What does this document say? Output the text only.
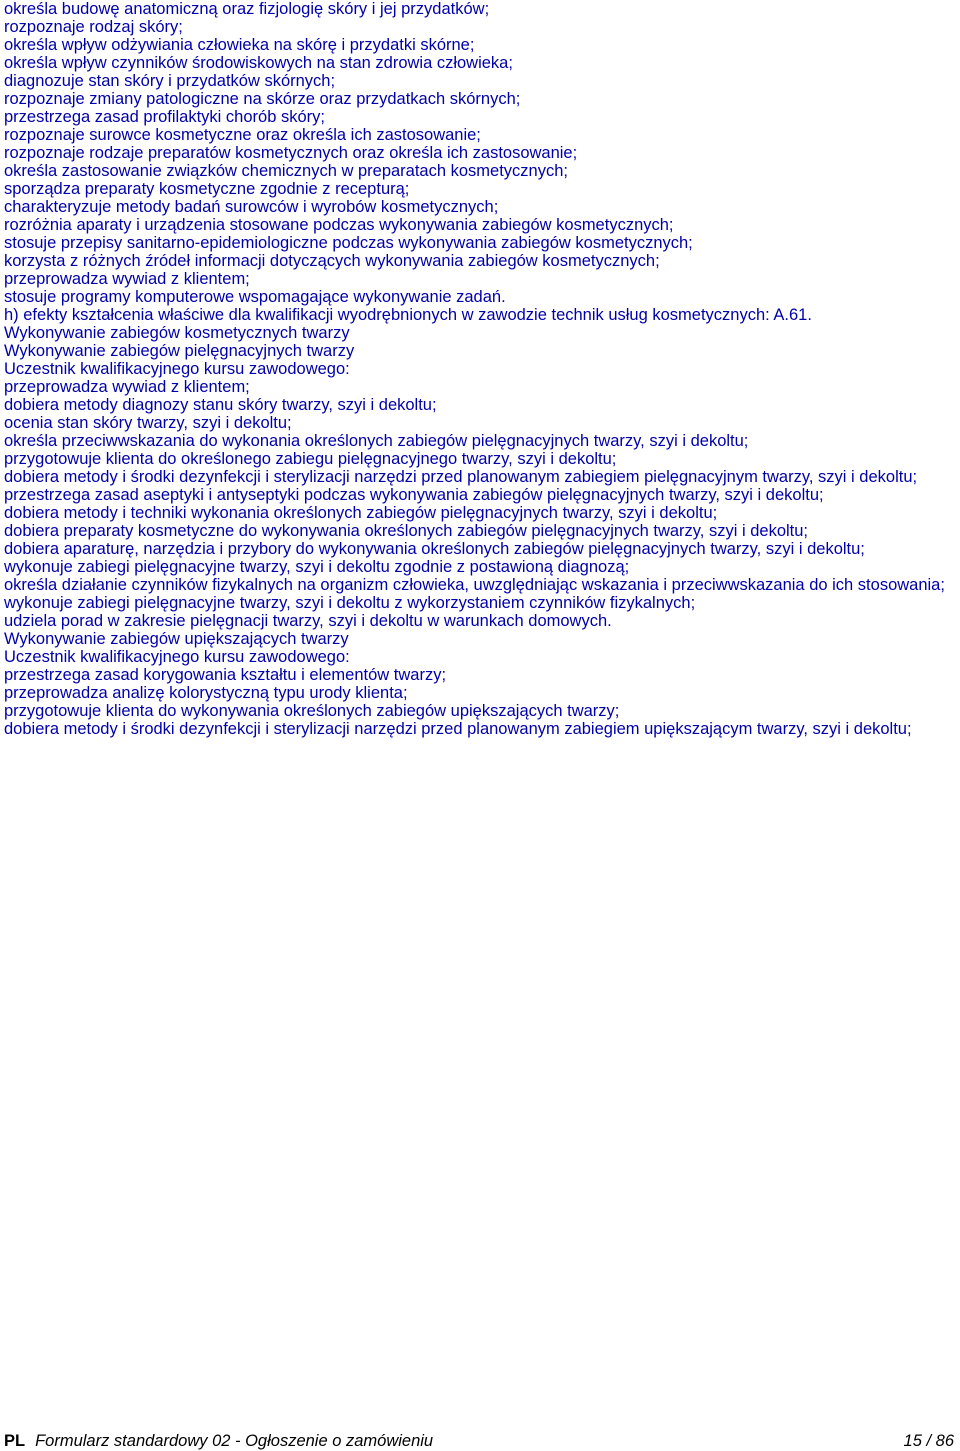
określa budowę anatomiczną oraz fizjologię skóry i jej przydatków;

rozpoznaje rodzaj skóry;

określa wpływ odżywiania człowieka na skórę i przydatki skórne;

określa wpływ czynników środowiskowych na stan zdrowia człowieka;

diagnozuje stan skóry i przydatków skórnych;

rozpoznaje zmiany patologiczne na skórze oraz przydatkach skórnych;

przestrzega zasad profilaktyki chorób skóry;

rozpoznaje surowce kosmetyczne oraz określa ich zastosowanie;

rozpoznaje rodzaje preparatów kosmetycznych oraz określa ich zastosowanie;

określa zastosowanie związków chemicznych w preparatach kosmetycznych;

sporządza preparaty kosmetyczne zgodnie z recepturą;

charakteryzuje metody badań surowców i wyrobów kosmetycznych;

rozróżnia aparaty i urządzenia stosowane podczas wykonywania zabiegów kosmetycznych;

stosuje przepisy sanitarno-epidemiologiczne podczas wykonywania zabiegów kosmetycznych;

korzysta z różnych źródeł informacji dotyczących wykonywania zabiegów kosmetycznych;

przeprowadza wywiad z klientem;

stosuje programy komputerowe wspomagające wykonywanie zadań.

h) efekty kształcenia właściwe dla kwalifikacji wyodrębnionych w zawodzie technik usług kosmetycznych: A.61.

Wykonywanie zabiegów kosmetycznych twarzy

Wykonywanie zabiegów pielęgnacyjnych twarzy

Uczestnik kwalifikacyjnego kursu zawodowego:

przeprowadza wywiad z klientem;

dobiera metody diagnozy stanu skóry twarzy, szyi i dekoltu;

ocenia stan skóry twarzy, szyi i dekoltu;

określa przeciwwskazania do wykonania określonych zabiegów pielęgnacyjnych twarzy, szyi i dekoltu;

przygotowuje klienta do określonego zabiegu pielęgnacyjnego twarzy, szyi i dekoltu;

dobiera metody i środki dezynfekcji i sterylizacji narzędzi przed planowanym zabiegiem pielęgnacyjnym twarzy, szyi i dekoltu;

przestrzega zasad aseptyki i antyseptyki podczas wykonywania zabiegów pielęgnacyjnych twarzy, szyi i dekoltu;

dobiera metody i techniki wykonania określonych zabiegów pielęgnacyjnych twarzy, szyi i dekoltu;

dobiera preparaty kosmetyczne do wykonywania określonych zabiegów pielęgnacyjnych twarzy, szyi i dekoltu;

dobiera aparaturę, narzędzia i przybory do wykonywania określonych zabiegów pielęgnacyjnych twarzy, szyi i dekoltu;

wykonuje zabiegi pielęgnacyjne twarzy, szyi i dekoltu zgodnie z postawioną diagnozą;

określa działanie czynników fizykalnych na organizm człowieka, uwzględniając wskazania i przeciwwskazania do ich stosowania;

wykonuje zabiegi pielęgnacyjne twarzy, szyi i dekoltu z wykorzystaniem czynników fizykalnych;

udziela porad w zakresie pielęgnacji twarzy, szyi i dekoltu w warunkach domowych.

Wykonywanie zabiegów upiększających twarzy

Uczestnik kwalifikacyjnego kursu zawodowego:

przestrzega zasad korygowania kształtu i elementów twarzy;

przeprowadza analizę kolorystyczną typu urody klienta;

przygotowuje klienta do wykonywania określonych zabiegów upiększających twarzy;

dobiera metody i środki dezynfekcji i sterylizacji narzędzi przed planowanym zabiegiem upiększającym twarzy, szyi i dekoltu;

PL Formularz standardowy 02 - Ogłoszenie o zamówieniu	15 / 86
